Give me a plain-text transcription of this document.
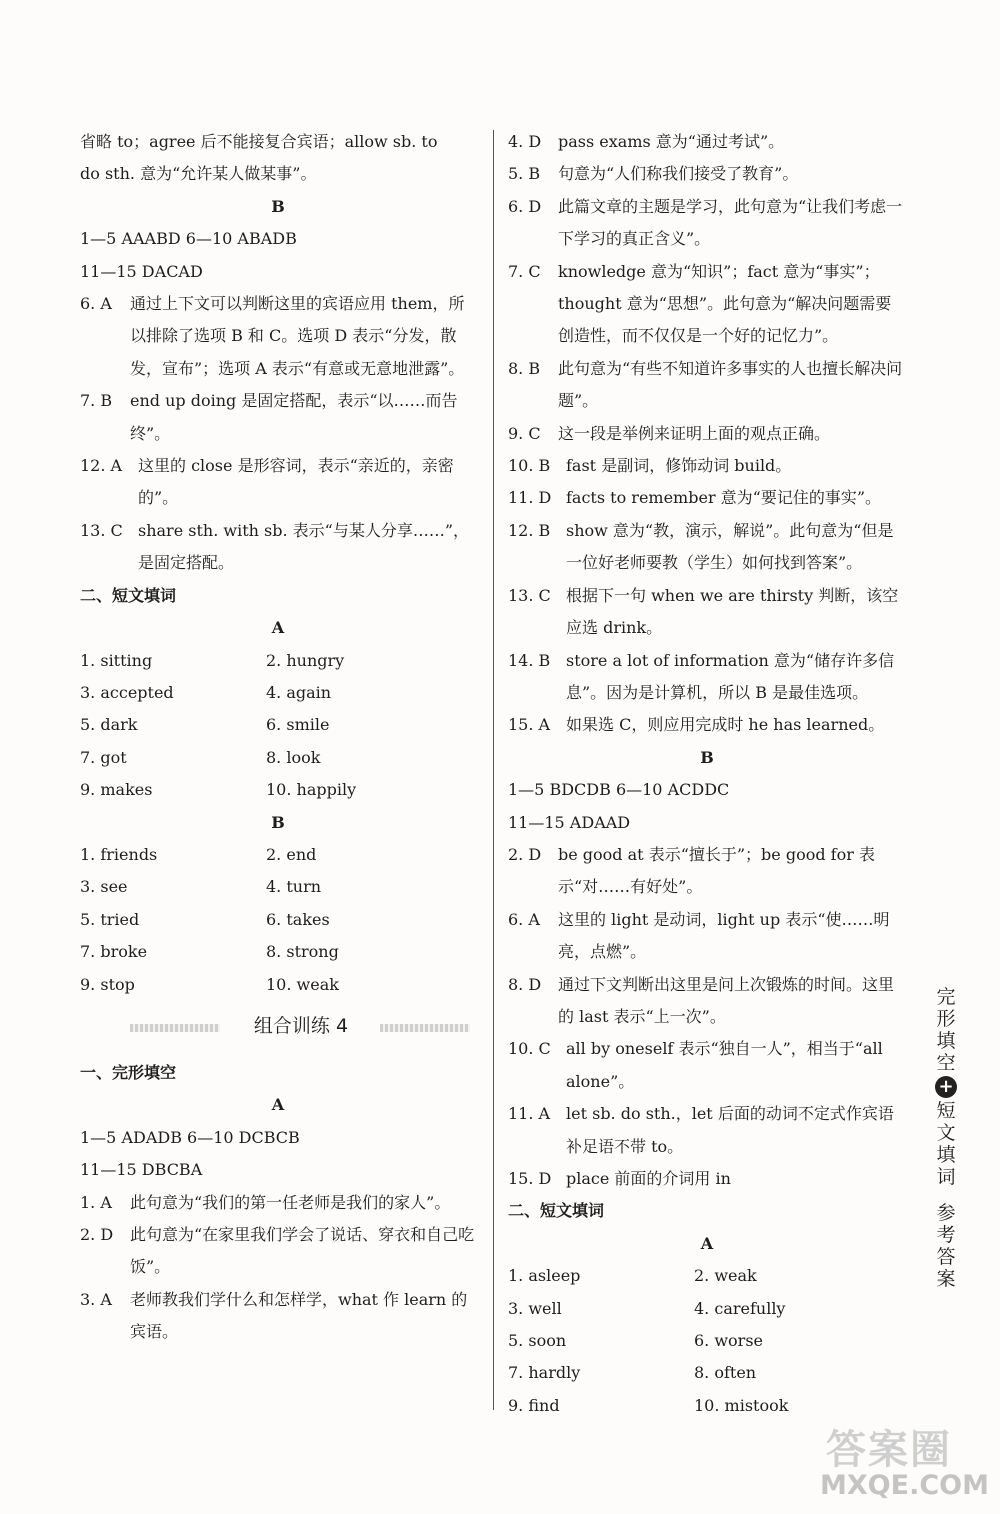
省略 to；agree 后不能接复合宾语；allow sb. to
do sth. 意为“允许某人做某事”。
B
1—5 AAABD 6—10 ABADB
11—15 DACAD
6. A	通过上下文可以判断这里的宾语应用 them，所以排除了选项 B 和 C。选项 D 表示“分发，散发，宣布”；选项 A 表示“有意或无意地泄露”。
7. B	end up doing 是固定搭配，表示“以……而告终”。
12. A 这里的 close 是形容词，表示“亲近的，亲密的”。
13. C share sth. with sb. 表示“与某人分享……”，是固定搭配。
二、短文填词
A
1. sitting	2. hungry
3. accepted	4. again
5. dark	6. smile
7. got	8. look
9. makes	10. happily
B
1. friends	2. end
3. see	4. turn
5. tried	6. takes
7. broke	8. strong
9. stop	10. weak
组合训练 4
一、完形填空
A
1—5 ADADB 6—10 DCBCB
11—15 DBCBA
1. A	此句意为“我们的第一任老师是我们的家人”。
2. D	此句意为“在家里我们学会了说话、穿衣和自己吃饭”。
3. A	老师教我们学什么和怎样学，what 作 learn 的宾语。
4. D	pass exams 意为“通过考试”。
5. B	句意为“人们称我们接受了教育”。
6. D	此篇文章的主题是学习，此句意为“让我们考虑一下学习的真正含义”。
7. C	knowledge 意为“知识”；fact 意为“事实”；thought 意为“思想”。此句意为“解决问题需要创造性，而不仅仅是一个好的记忆力”。
8. B	此句意为“有些不知道许多事实的人也擅长解决问题”。
9. C	这一段是举例来证明上面的观点正确。
10. B fast 是副词，修饰动词 build。
11. D facts to remember 意为“要记住的事实”。
12. B show 意为“教，演示，解说”。此句意为“但是一位好老师要教（学生）如何找到答案”。
13. C 根据下一句 when we are thirsty 判断，该空应选 drink。
14. B store a lot of information 意为“储存许多信息”。因为是计算机，所以 B 是最佳选项。
15. A 如果选 C，则应用完成时 he has learned。
B
1—5 BDCDB 6—10 ACDDC
11—15 ADAAD
2. D	be good at 表示“擅长于”；be good for 表示“对……有好处”。
6. A	这里的 light 是动词，light up 表示“使……明亮，点燃”。
8. D	通过下文判断出这里是问上次锻炼的时间。这里的 last 表示“上一次”。
10. C all by oneself 表示“独自一人”，相当于“all alone”。
11. A let sb. do sth.，let 后面的动词不定式作宾语补足语不带 to。
15. D place 前面的介词用 in
二、短文填词
A
1. asleep	2. weak
3. well	4. carefully
5. soon	6. worse
7. hardly	8. often
9. find	10. mistook
完
形
填
空
+
短
文
填
词
参
考
答
案
答案圈
MXQE.COM
